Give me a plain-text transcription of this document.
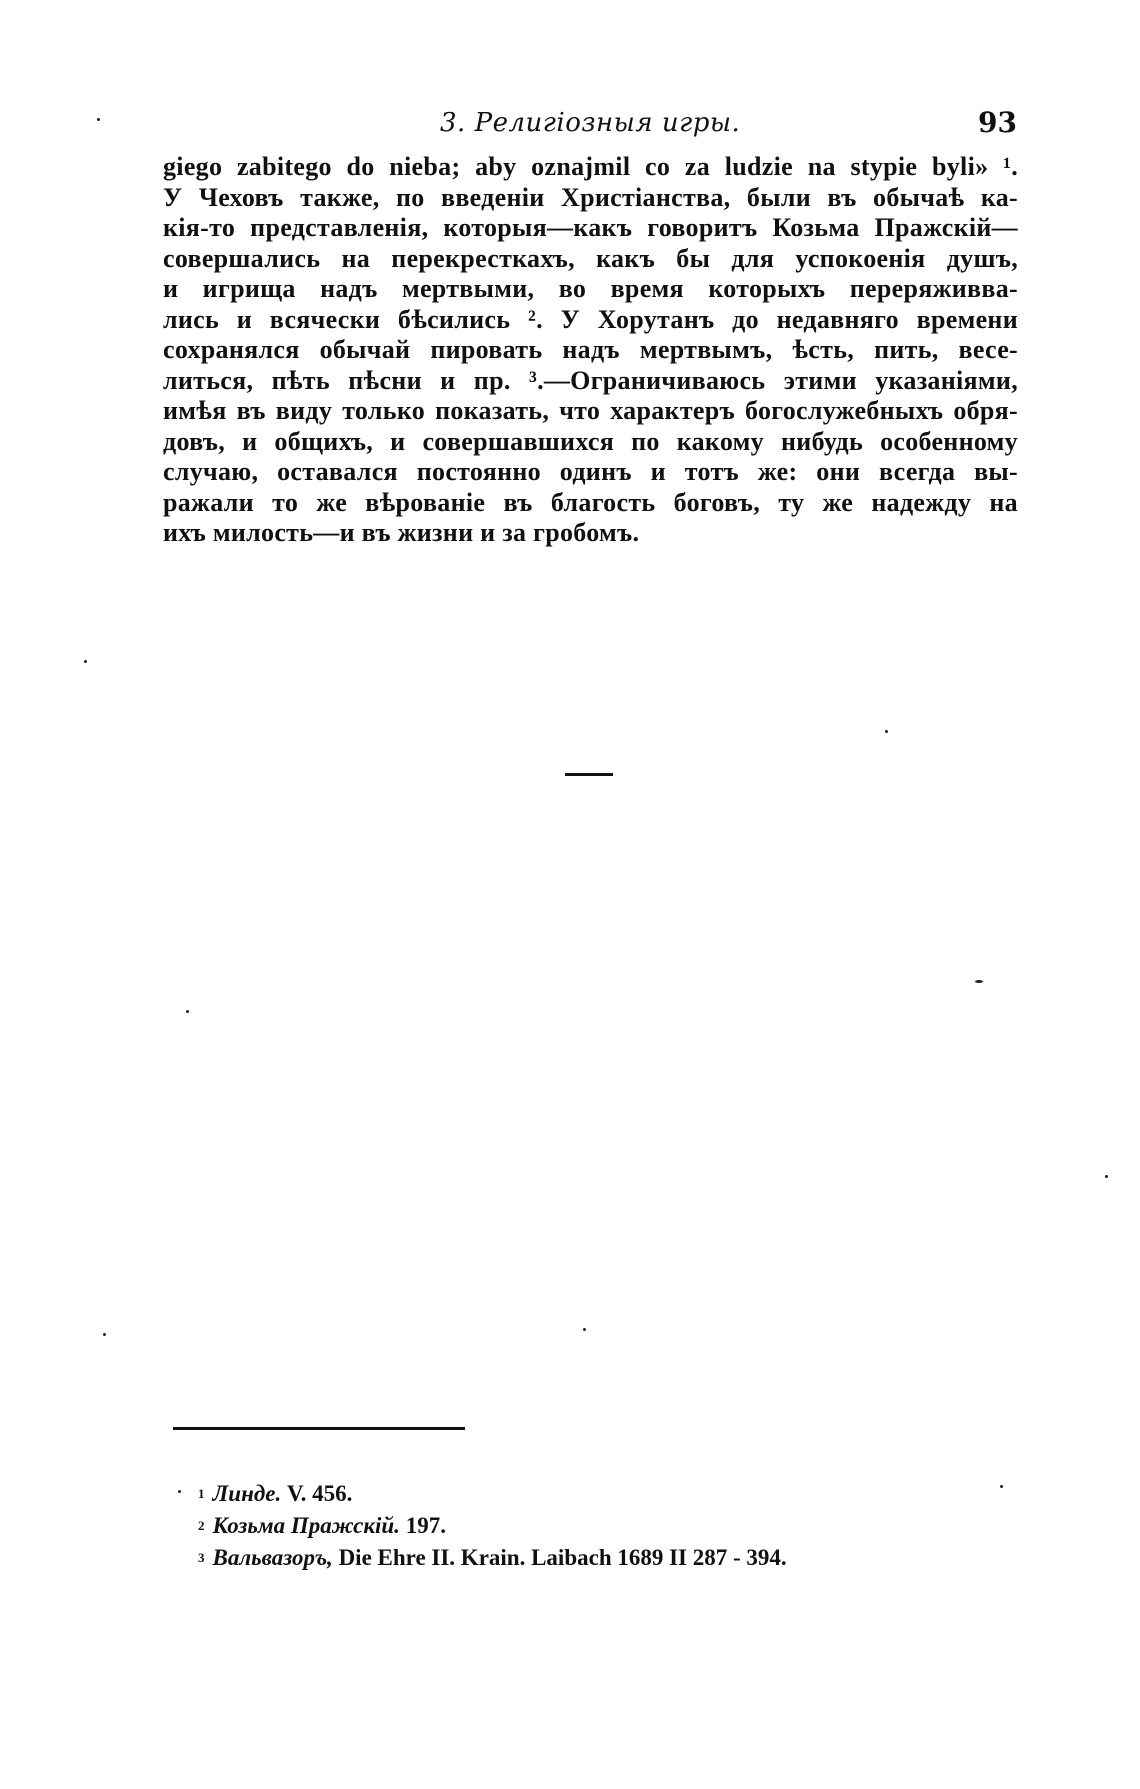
3. Религiозныя игры.	93
giego zabitego do nieba; aby oznajmil co za ludzie na stypie byli» ¹.
У Чеховъ также, по введенiи Христiанства, были въ обычаѣ ка-
кiя-то представленiя, которыя—какъ говоритъ Козьма Пражскiй—
совершались на перекресткахъ, какъ бы для успокоенiя душъ,
и игрища надъ мертвыми, во время которыхъ переряживва-
лись и всячески бѣсились ². У Хорутанъ до недавняго времени
сохранялся обычай пировать надъ мертвымъ, ѣсть, пить, весе-
литься, пѣть пѣсни и пр. ³.—Ограничиваюсь этими указанiями,
имѣя въ виду только показать, что характеръ богослужебныхъ обря-
довъ, и общихъ, и совершавшихся по какому нибудь особенному
случаю, оставался постоянно одинъ и тотъ же: они всегда вы-
ражали то же вѣрованiе въ благость боговъ, ту же надежду на
ихъ милость—и въ жизни и за гробомъ.
$^1$ Линде. V. 456.
$^2$ Козьма Пражскiй. 197.
$^3$ Вальвазоръ, Die Ehre II. Krain. Laibach 1689 II 287 - 394.
